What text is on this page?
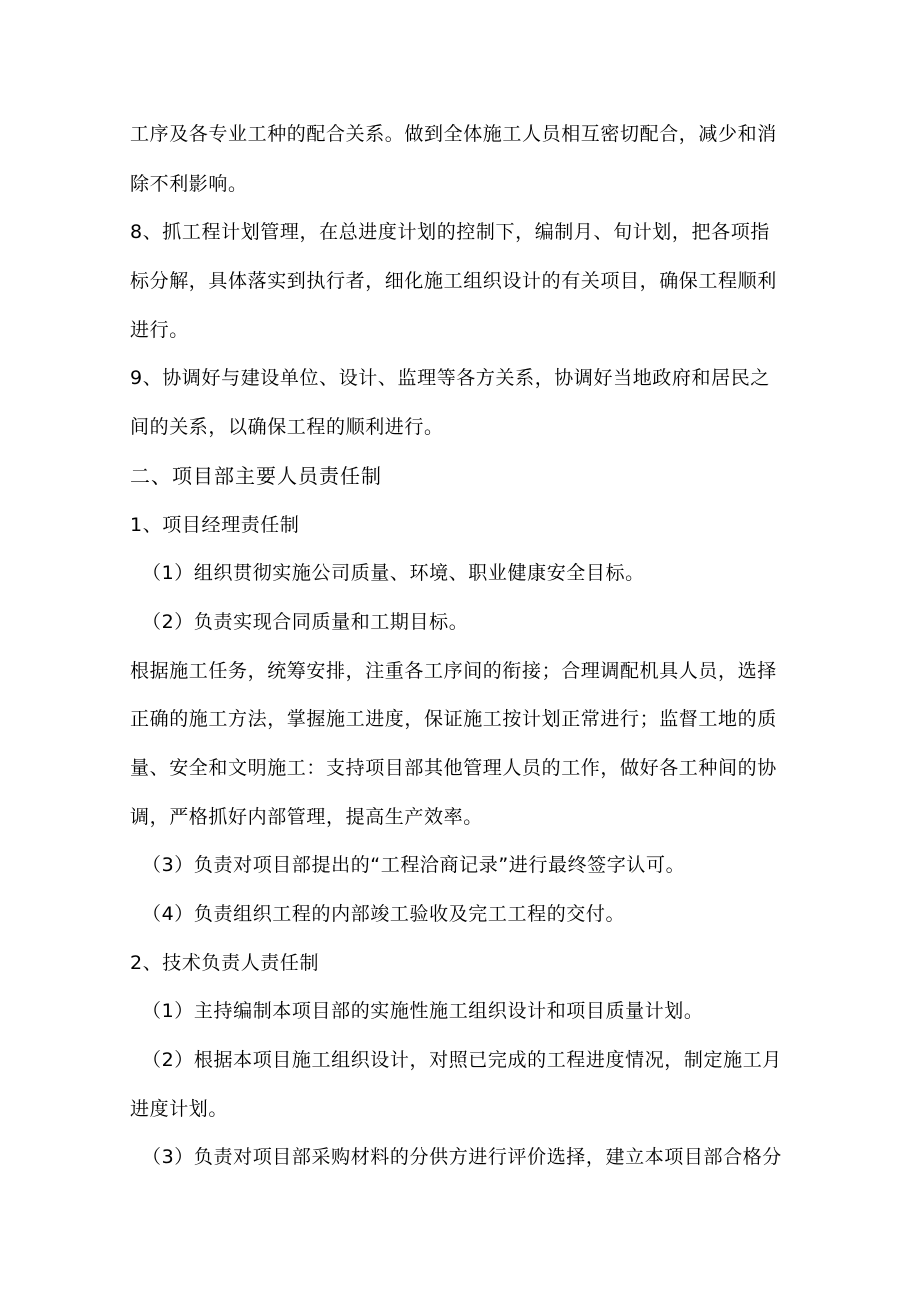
工序及各专业工种的配合关系。做到全体施工人员相互密切配合，减少和消
除不利影响。
8、抓工程计划管理，在总进度计划的控制下，编制月、旬计划，把各项指
标分解，具体落实到执行者，细化施工组织设计的有关项目，确保工程顺利
进行。
9、协调好与建设单位、设计、监理等各方关系，协调好当地政府和居民之
间的关系，以确保工程的顺利进行。
二、项目部主要人员责任制
1、项目经理责任制
（1）组织贯彻实施公司质量、环境、职业健康安全目标。
（2）负责实现合同质量和工期目标。
根据施工任务，统筹安排，注重各工序间的衔接；合理调配机具人员，选择
正确的施工方法，掌握施工进度，保证施工按计划正常进行；监督工地的质
量、安全和文明施工：支持项目部其他管理人员的工作，做好各工种间的协
调，严格抓好内部管理，提高生产效率。
（3）负责对项目部提出的“工程洽商记录”进行最终签字认可。
（4）负责组织工程的内部竣工验收及完工工程的交付。
2、技术负责人责任制
（1）主持编制本项目部的实施性施工组织设计和项目质量计划。
（2）根据本项目施工组织设计，对照已完成的工程进度情况，制定施工月
进度计划。
（3）负责对项目部采购材料的分供方进行评价选择，建立本项目部合格分
